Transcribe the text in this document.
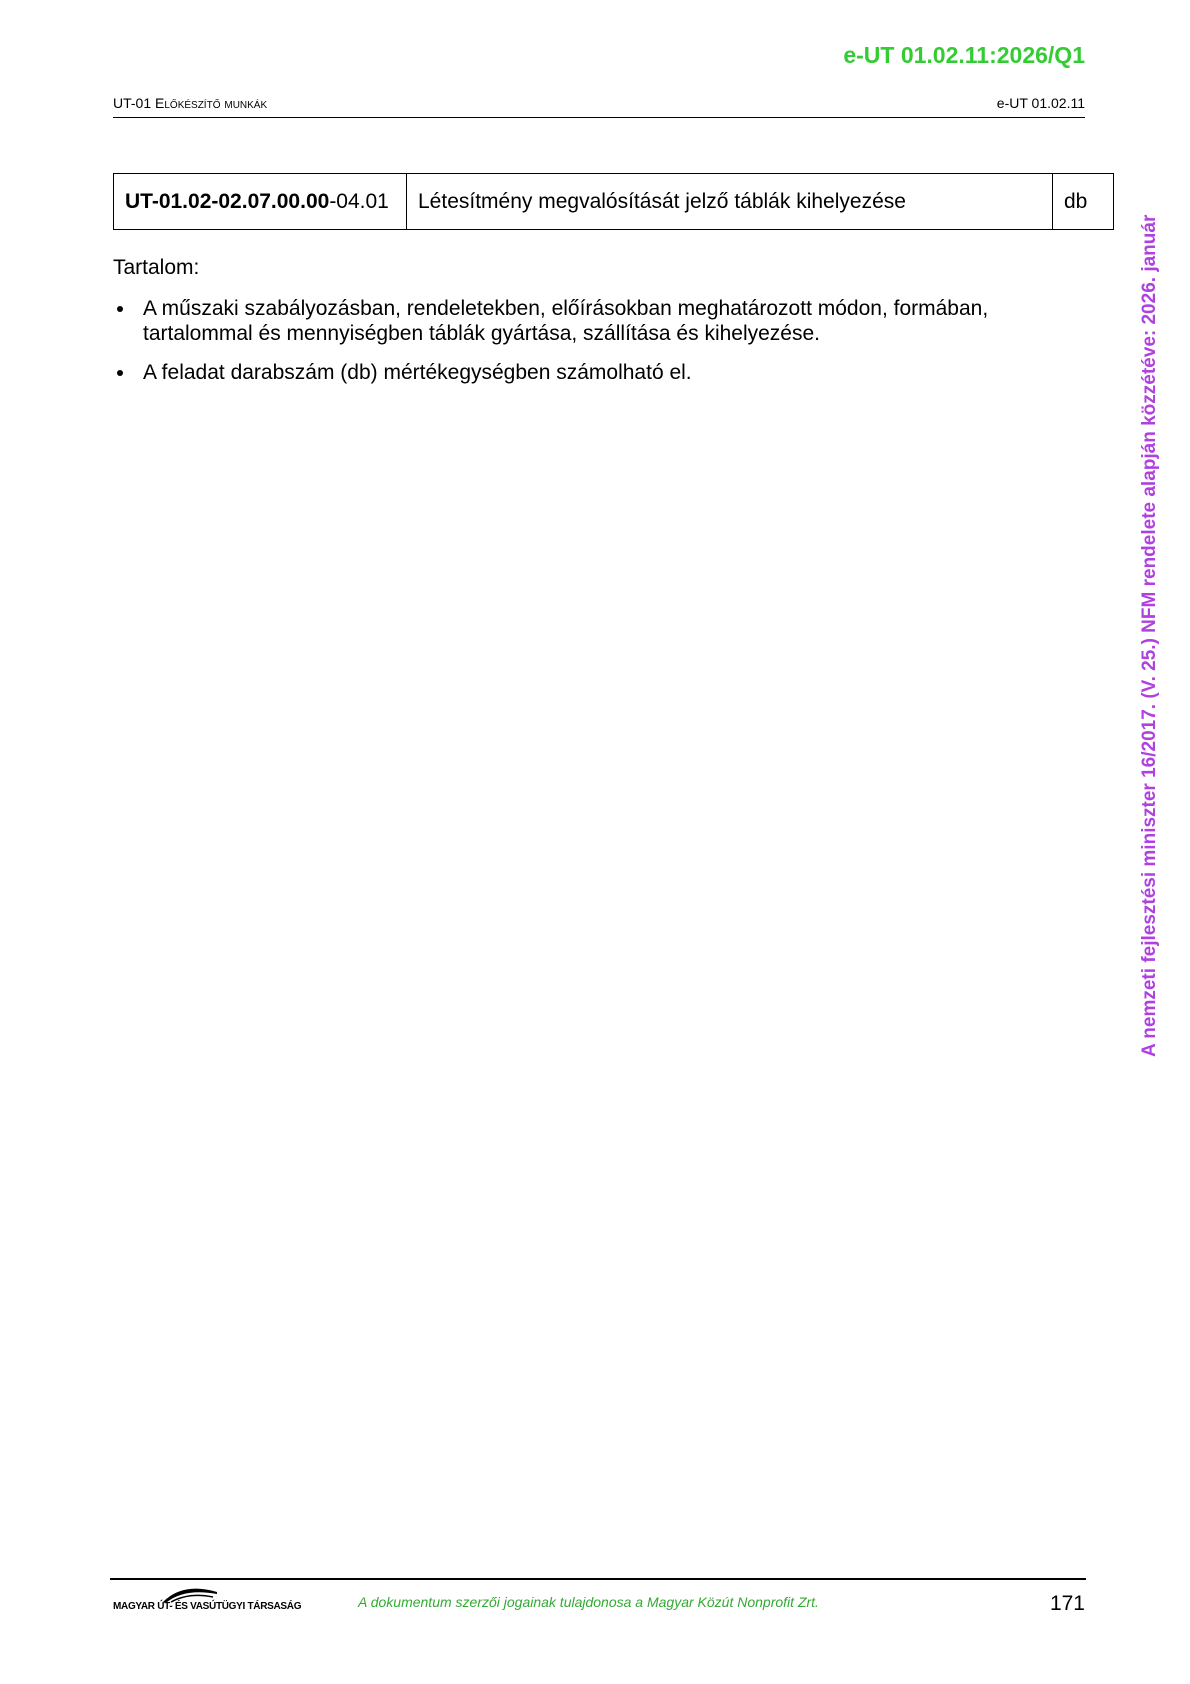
e-UT 01.02.11:2026/Q1
UT-01 Előkészítő munkák	e-UT 01.02.11
UT-01.02-02.07.00.00-04.01	Létesítmény megvalósítását jelző táblák kihelyezése	db
Tartalom:
A műszaki szabályozásban, rendeletekben, előírásokban meghatározott módon, formában, tartalommal és mennyiségben táblák gyártása, szállítása és kihelyezése.
A feladat darabszám (db) mértékegységben számolható el.	A nemzeti fejlesztési miniszter 16/2017. (V. 25.) NFM rendelete alapján közzétéve: 2026. január
MAGYAR ÚT- ÉS VASÚTÜGYI TÁRSASÁG	A dokumentum szerzői jogainak tulajdonosa a Magyar Közút Nonprofit Zrt.	171
